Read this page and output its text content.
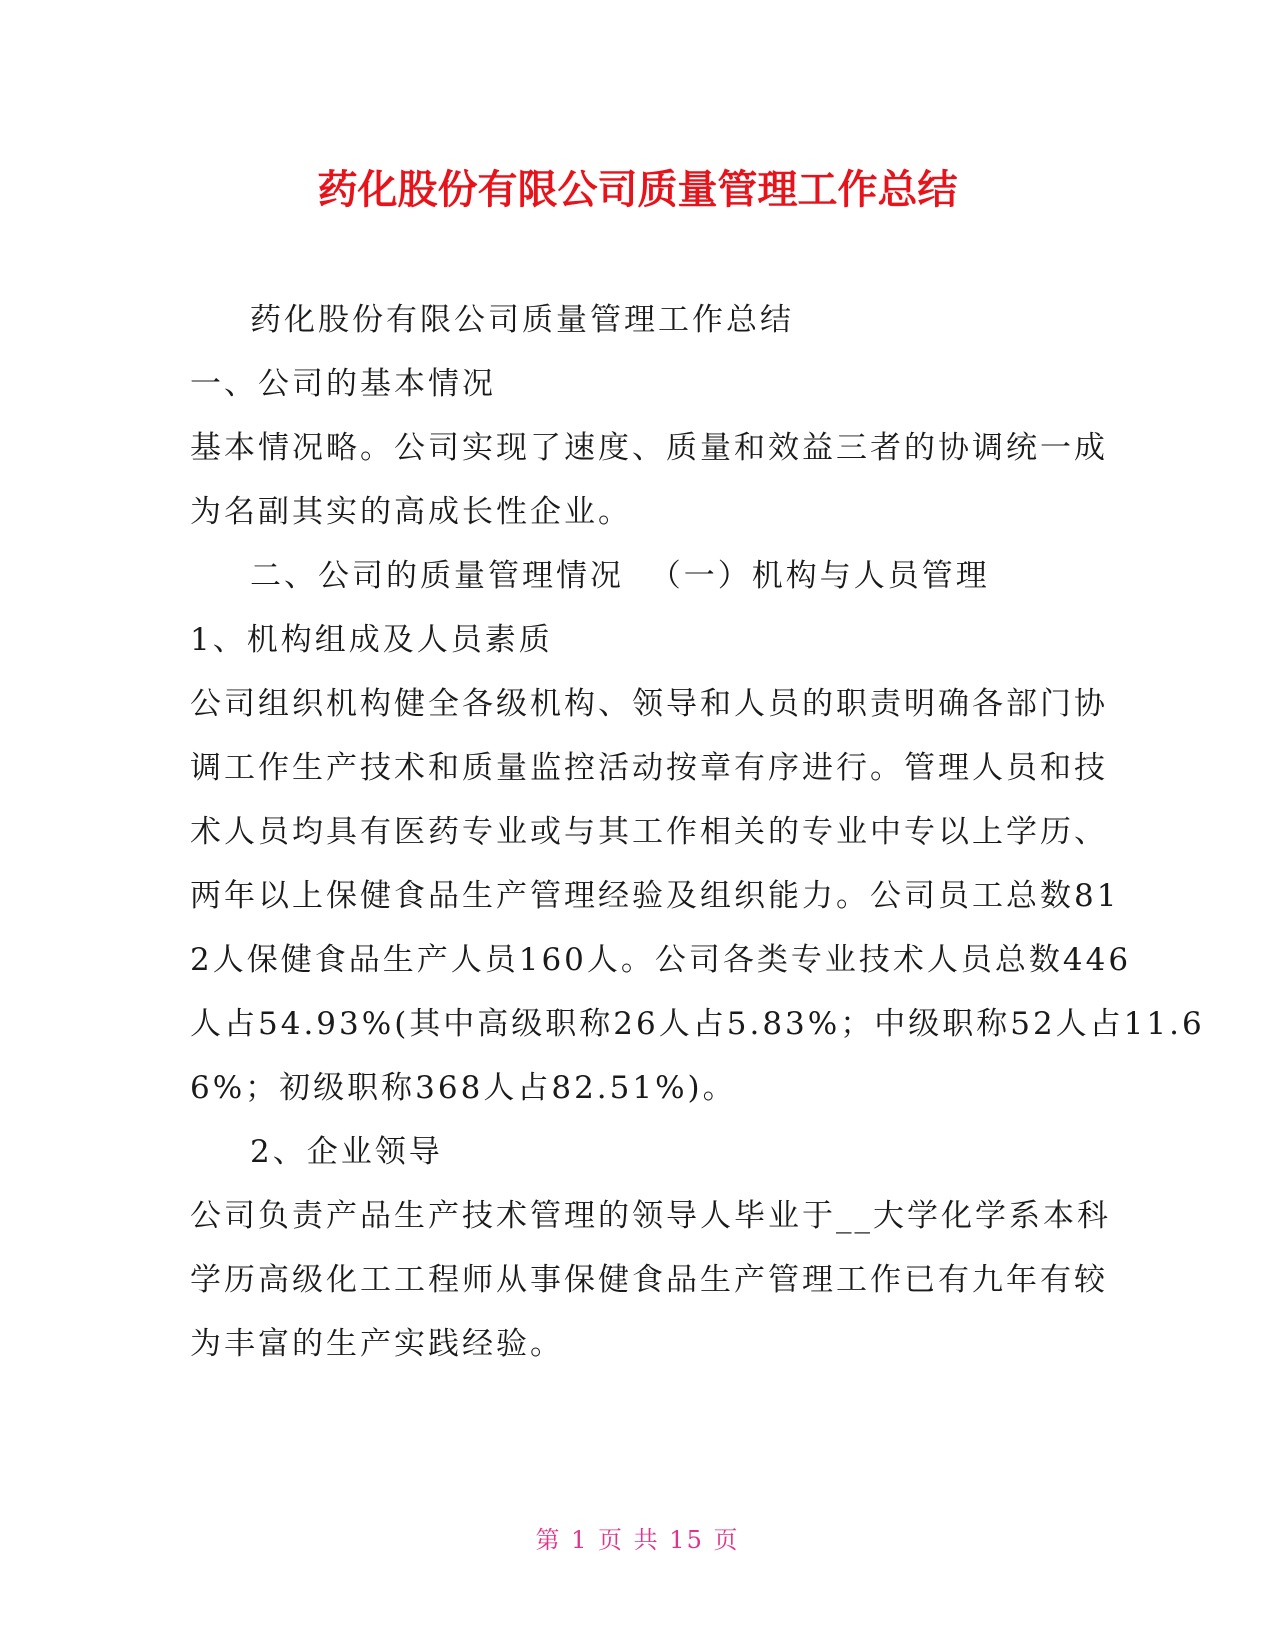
药化股份有限公司质量管理工作总结
药化股份有限公司质量管理工作总结
一、公司的基本情况
基本情况略。公司实现了速度、质量和效益三者的协调统一成
为名副其实的高成长性企业。
二、公司的质量管理情况  （一）机构与人员管理
1、机构组成及人员素质
公司组织机构健全各级机构、领导和人员的职责明确各部门协
调工作生产技术和质量监控活动按章有序进行。管理人员和技
术人员均具有医药专业或与其工作相关的专业中专以上学历、
两年以上保健食品生产管理经验及组织能力。公司员工总数81
2人保健食品生产人员160人。公司各类专业技术人员总数446
人占54.93%(其中高级职称26人占5.83%；中级职称52人占11.6
6%；初级职称368人占82.51%)。
2、企业领导
公司负责产品生产技术管理的领导人毕业于__大学化学系本科
学历高级化工工程师从事保健食品生产管理工作已有九年有较
为丰富的生产实践经验。
第 1 页 共 15 页
